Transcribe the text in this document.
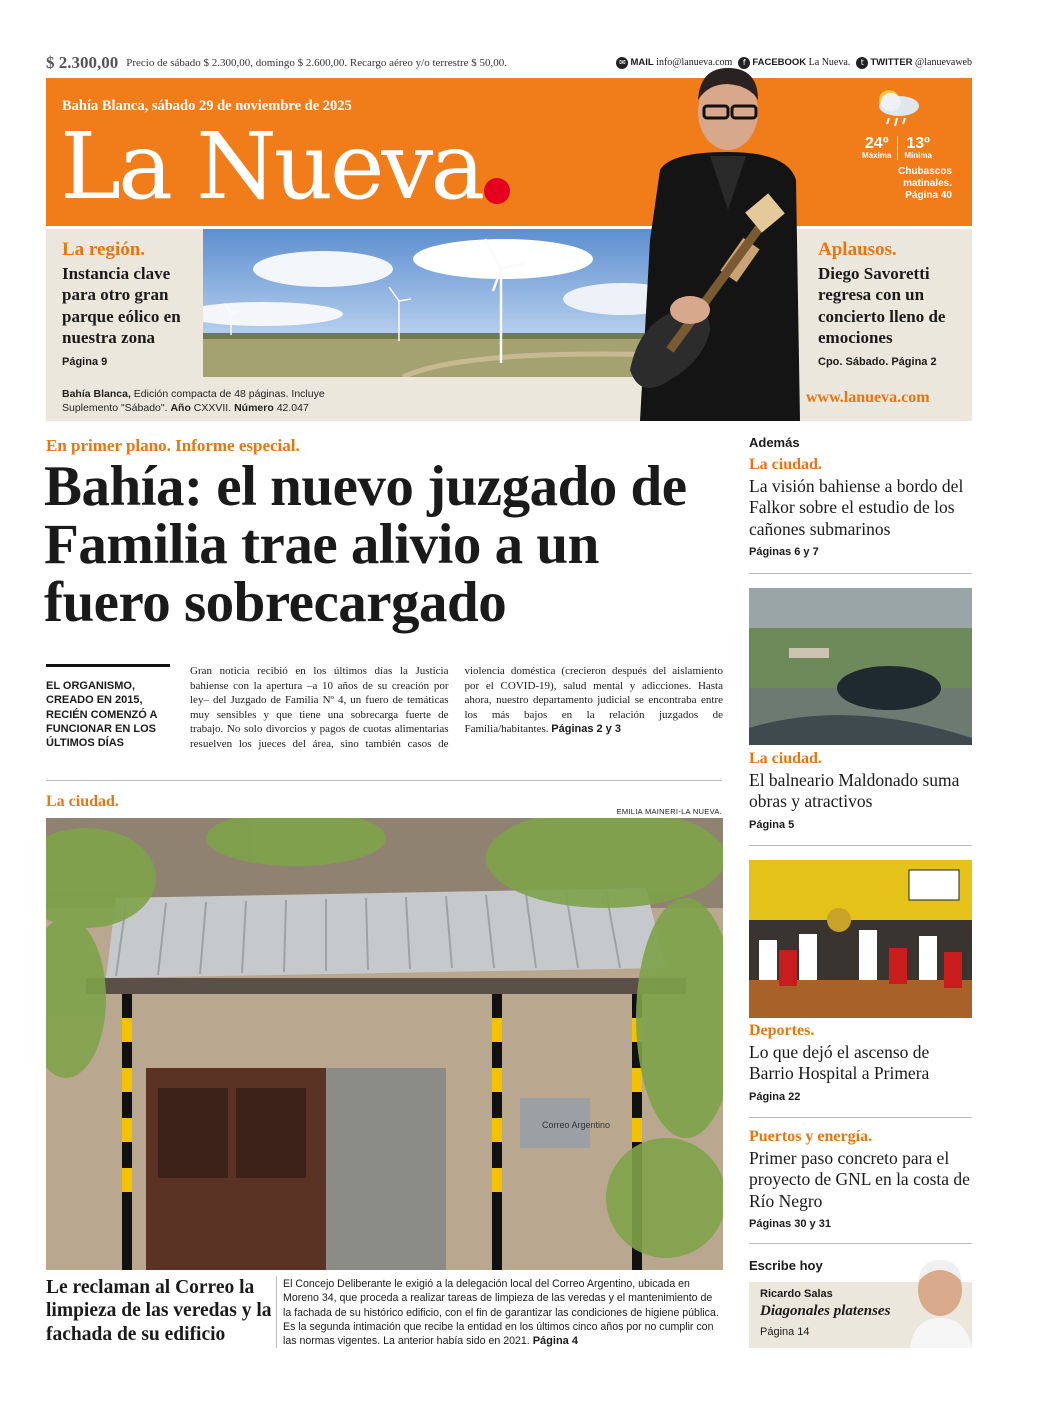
$ 2.300,00 Precio de sábado $ 2.300,00, domingo $ 2.600,00. Recargo aéreo y/o terrestre $ 50,00.	✉ MAIL info@lanueva.com	f FACEBOOK La Nueva.	t TWITTER @lanuevaweb
Bahía Blanca, sábado 29 de noviembre de 2025
La Nueva	24º
Máxima
13º
Mínima
Chubascos
matinales.
Página 40
La región.
Instancia clave para otro gran parque eólico en nuestra zona
Página 9
Bahía Blanca, Edición compacta de 48 páginas. Incluye
Suplemento "Sábado". Año CXXVII. Número 42.047
Aplausos.
Diego Savoretti regresa con un concierto lleno de emociones
Cpo. Sábado. Página 2
www.lanueva.com
En primer plano. Informe especial.
Bahía: el nuevo juzgado de Familia trae alivio a un fuero sobrecargado
EL ORGANISMO, CREADO EN 2015, RECIÉN COMENZÓ A FUNCIONAR EN LOS ÚLTIMOS DÍAS
Gran noticia recibió en los últimos días la Justicia bahiense con la apertura –a 10 años de su creación por ley– del Juzgado de Familia Nº 4, un fuero de temáticas muy sensibles y que tiene una sobrecarga fuerte de trabajo. No solo divorcios y pagos de cuotas alimentarias resuelven los jueces del área, sino también casos de violencia doméstica (crecieron después del aislamiento por el COVID-19), salud mental y adicciones. Hasta ahora, nuestro departamento judicial se encontraba entre los más bajos en la relación juzgados de Familia/habitantes. Páginas 2 y 3
La ciudad.
EMILIA MAINERI-LA NUEVA.
Correo Argentino
Le reclaman al Correo la limpieza de las veredas y la fachada de su edificio
El Concejo Deliberante le exigió a la delegación local del Correo Argentino, ubicada en Moreno 34, que proceda a realizar tareas de limpieza de las veredas y el mantenimiento de la fachada de su histórico edificio, con el fin de garantizar las condiciones de higiene pública. Es la segunda intimación que recibe la entidad en los últimos cinco años por no cumplir con las normas vigentes. La anterior había sido en 2021. Página 4
Además
La ciudad.
La visión bahiense a bordo del Falkor sobre el estudio de los cañones submarinos
Páginas 6 y 7
La ciudad.
El balneario Maldonado suma obras y atractivos
Página 5
Deportes.
Lo que dejó el ascenso de Barrio Hospital a Primera
Página 22
Puertos y energía.
Primer paso concreto para el proyecto de GNL en la costa de Río Negro
Páginas 30 y 31
Escribe hoy
Ricardo Salas
Diagonales platenses
Página 14
